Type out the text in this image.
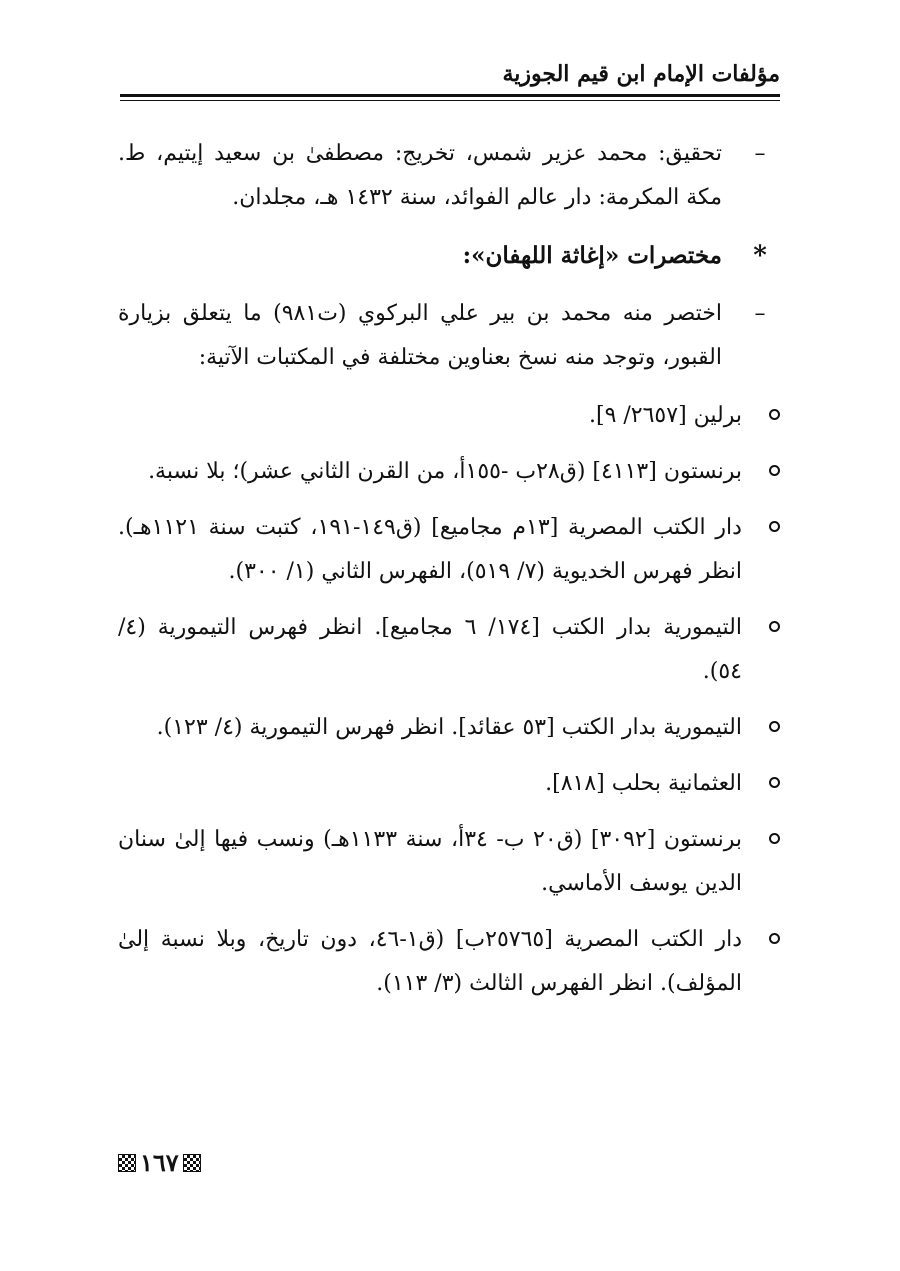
مؤلفات الإمام ابن قيم الجوزية
–
تحقيق: محمد عزير شمس، تخريج: مصطفىٰ بن سعيد إيتيم، ط. مكة المكرمة: دار عالم الفوائد، سنة ١٤٣٢ هـ، مجلدان.
*
مختصرات «إغاثة اللهفان»:
–
اختصر منه محمد بن بير علي البركوي (ت٩٨١) ما يتعلق بزيارة القبور، وتوجد منه نسخ بعناوين مختلفة في المكتبات الآتية:
برلين [٢٦٥٧/ ٩].
برنستون [٤١١٣] (ق٢٨ب -١٥٥أ، من القرن الثاني عشر)؛ بلا نسبة.
دار الكتب المصرية [١٣م مجاميع] (ق١٤٩-١٩١، كتبت سنة ١١٢١هـ). انظر فهرس الخديوية (٧/ ٥١٩)، الفهرس الثاني (١/ ٣٠٠).
التيمورية بدار الكتب [١٧٤/ ٦ مجاميع]. انظر فهرس التيمورية (٤/ ٥٤).
التيمورية بدار الكتب [٥٣ عقائد]. انظر فهرس التيمورية (٤/ ١٢٣).
العثمانية بحلب [٨١٨].
برنستون [٣٠٩٢] (ق٢٠ ب- ٣٤أ، سنة ١١٣٣هـ) ونسب فيها إلىٰ سنان الدين يوسف الأماسي.
دار الكتب المصرية [٢٥٧٦٥ب] (ق١-٤٦، دون تاريخ، وبلا نسبة إلىٰ المؤلف). انظر الفهرس الثالث (٣/ ١١٣).
١٦٧
